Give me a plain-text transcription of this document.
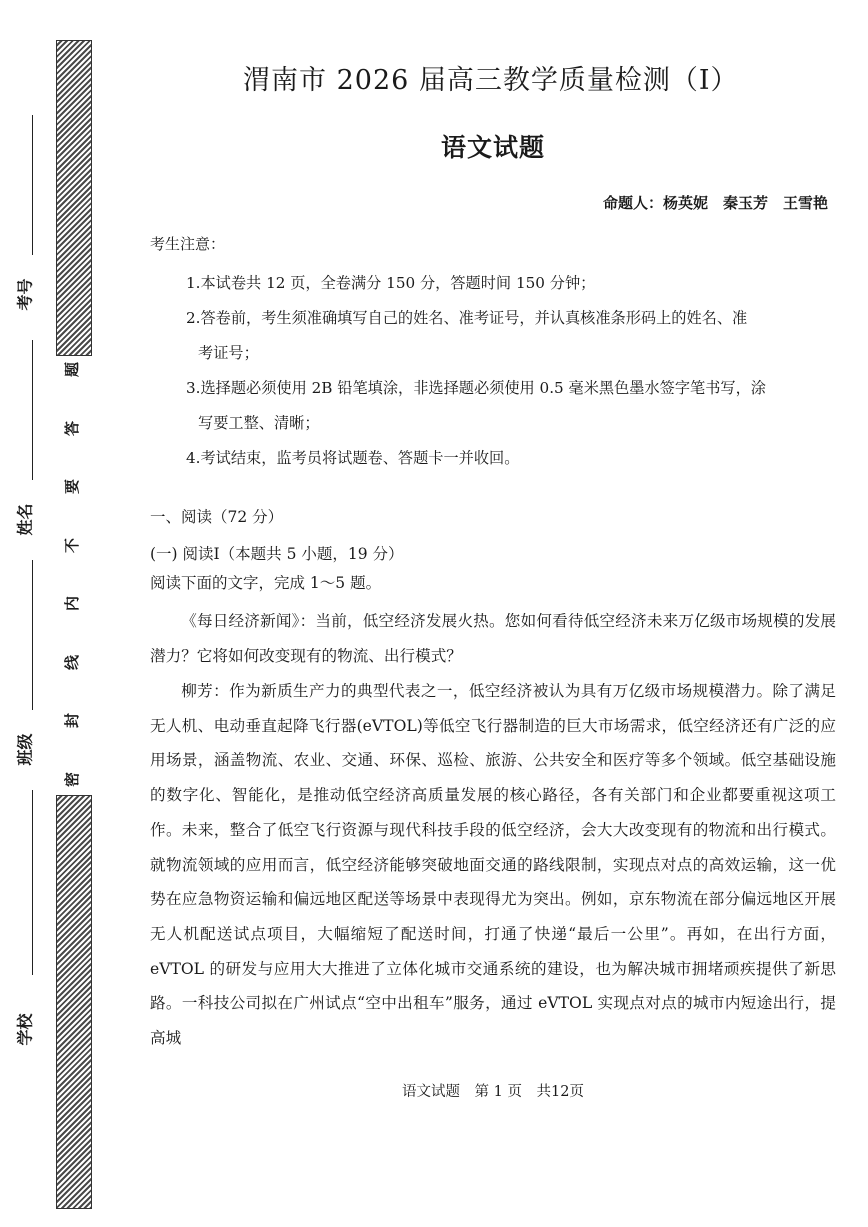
题
答
要
不
内
线
封
密
考号
姓名
班级
学校
渭南市 2026 届高三教学质量检测（I）
语文试题
命题人：杨英妮　秦玉芳　王雪艳
考生注意：

1.本试卷共 12 页，全卷满分 150 分，答题时间 150 分钟；

2.答卷前，考生须准确填写自己的姓名、准考证号，并认真核准条形码上的姓名、准
考证号；

3.选择题必须使用 2B 铅笔填涂，非选择题必须使用 0.5 毫米黑色墨水签字笔书写，涂
写要工整、清晰；

4.考试结束，监考员将试题卷、答题卡一并收回。

一、阅读（72 分）
(一) 阅读I（本题共 5 小题，19 分）
阅读下面的文字，完成 1～5 题。

《每日经济新闻》：当前，低空经济发展火热。您如何看待低空经济未来万亿级市场规模的发展潜力？它将如何改变现有的物流、出行模式？

柳芳：作为新质生产力的典型代表之一，低空经济被认为具有万亿级市场规模潜力。除了满足无人机、电动垂直起降飞行器(eVTOL)等低空飞行器制造的巨大市场需求，低空经济还有广泛的应用场景，涵盖物流、农业、交通、环保、巡检、旅游、公共安全和医疗等多个领域。低空基础设施的数字化、智能化，是推动低空经济高质量发展的核心路径，各有关部门和企业都要重视这项工作。未来，整合了低空飞行资源与现代科技手段的低空经济，会大大改变现有的物流和出行模式。就物流领域的应用而言，低空经济能够突破地面交通的路线限制，实现点对点的高效运输，这一优势在应急物资运输和偏远地区配送等场景中表现得尤为突出。例如，京东物流在部分偏远地区开展无人机配送试点项目，大幅缩短了配送时间，打通了快递“最后一公里”。再如，在出行方面，eVTOL 的研发与应用大大推进了立体化城市交通系统的建设，也为解决城市拥堵顽疾提供了新思路。一科技公司拟在广州试点“空中出租车”服务，通过 eVTOL 实现点对点的城市内短途出行，提高城

语文试题　第 1 页　共12页
